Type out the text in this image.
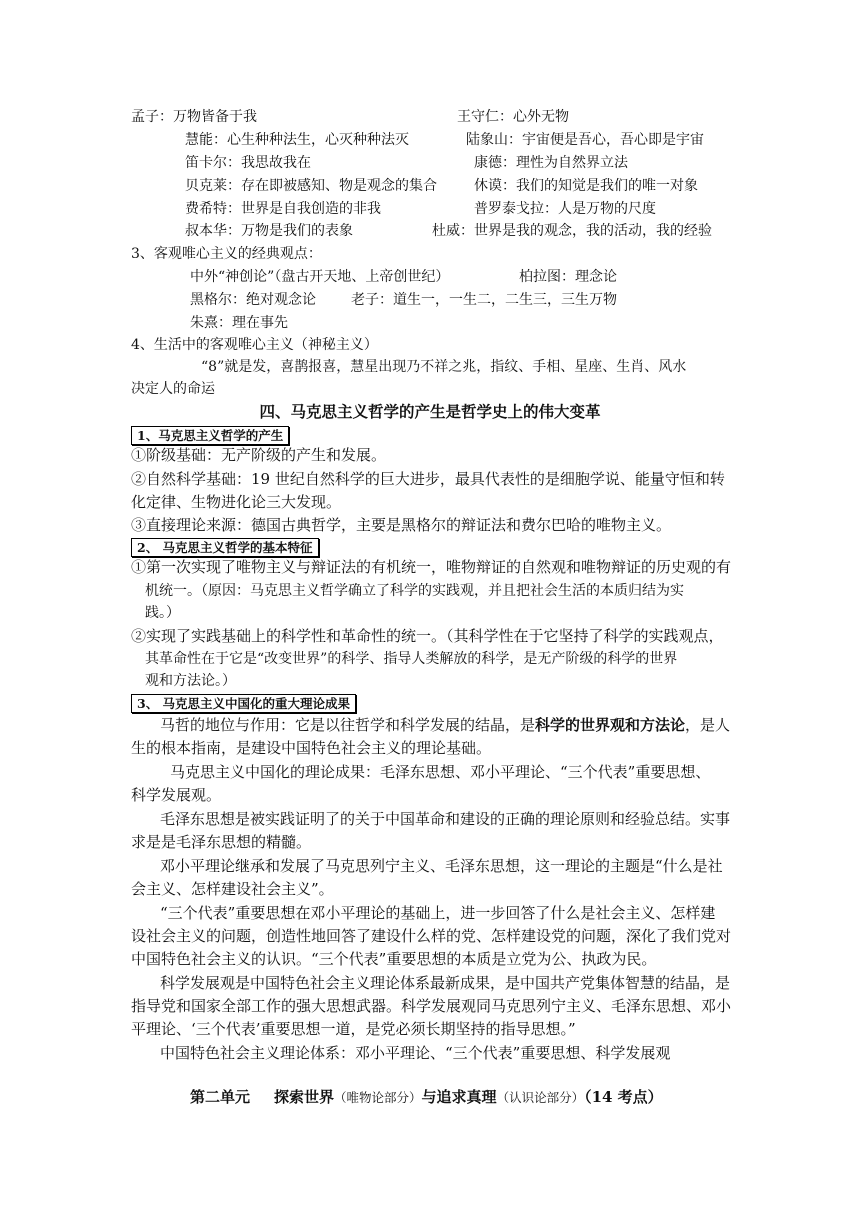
孟子：万物皆备于我	王守仁：心外无物
慧能：心生种种法生，心灭种种法灭	陆象山：宇宙便是吾心，吾心即是宇宙
笛卡尔：我思故我在	康德：理性为自然界立法
贝克莱：存在即被感知、物是观念的集合	休谟：我们的知觉是我们的唯一对象
费希特：世界是自我创造的非我	普罗泰戈拉：人是万物的尺度
叔本华：万物是我们的表象	杜威：世界是我的观念，我的活动，我的经验
3、客观唯心主义的经典观点：
中外“神创论”（盘古开天地、上帝创世纪）	柏拉图：理念论
黑格尔：绝对观念论	老子：道生一，一生二，二生三，三生万物
朱熹：理在事先
4、生活中的客观唯心主义（神秘主义）
“8”就是发，喜鹊报喜，慧星出现乃不祥之兆，指纹、手相、星座、生肖、风水
决定人的命运
四、马克思主义哲学的产生是哲学史上的伟大变革
1、马克思主义哲学的产生
①阶级基础：无产阶级的产生和发展。
②自然科学基础：19 世纪自然科学的巨大进步，最具代表性的是细胞学说、能量守恒和转
化定律、生物进化论三大发现。
③直接理论来源：德国古典哲学，主要是黑格尔的辩证法和费尔巴哈的唯物主义。
2、 马克思主义哲学的基本特征
①第一次实现了唯物主义与辩证法的有机统一，唯物辩证的自然观和唯物辩证的历史观的有
机统一。（原因：马克思主义哲学确立了科学的实践观，并且把社会生活的本质归结为实
践。）
②实现了实践基础上的科学性和革命性的统一。（其科学性在于它坚持了科学的实践观点，
其革命性在于它是“改变世界”的科学、指导人类解放的科学，是无产阶级的科学的世界
观和方法论。）
3、 马克思主义中国化的重大理论成果
马哲的地位与作用：它是以往哲学和科学发展的结晶，是科学的世界观和方法论，是人
生的根本指南，是建设中国特色社会主义的理论基础。
马克思主义中国化的理论成果：毛泽东思想、邓小平理论、“三个代表”重要思想、
科学发展观。
毛泽东思想是被实践证明了的关于中国革命和建设的正确的理论原则和经验总结。实事
求是是毛泽东思想的精髓。
邓小平理论继承和发展了马克思列宁主义、毛泽东思想，这一理论的主题是“什么是社
会主义、怎样建设社会主义”。
“三个代表”重要思想在邓小平理论的基础上，进一步回答了什么是社会主义、怎样建
设社会主义的问题，创造性地回答了建设什么样的党、怎样建设党的问题，深化了我们党对
中国特色社会主义的认识。“三个代表”重要思想的本质是立党为公、执政为民。
科学发展观是中国特色社会主义理论体系最新成果，是中国共产党集体智慧的结晶，是
指导党和国家全部工作的强大思想武器。科学发展观同马克思列宁主义、毛泽东思想、邓小
平理论、‘三个代表’重要思想一道，是党必须长期坚持的指导思想。”
中国特色社会主义理论体系：邓小平理论、“三个代表”重要思想、科学发展观
第二单元 探索世界（唯物论部分）与追求真理（认识论部分）（14 考点）
